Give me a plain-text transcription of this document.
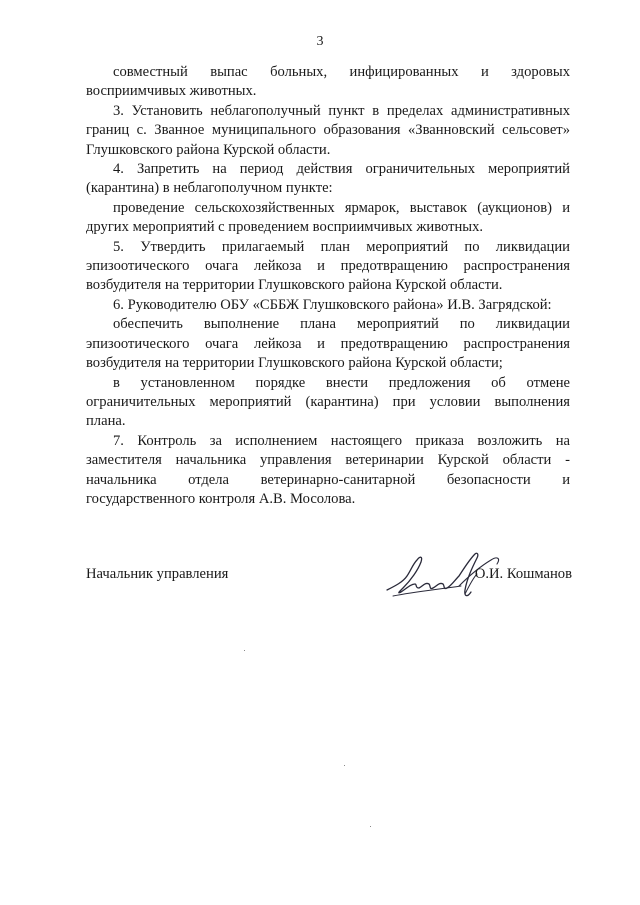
3

совместный выпас больных, инфицированных и здоровых
восприимчивых животных.

3. Установить неблагополучный пункт в пределах административных
границ с. Званное муниципального образования «Званновский сельсовет»
Глушковского района Курской области.

4. Запретить на период действия ограничительных мероприятий
(карантина) в неблагополучном пункте:

проведение сельскохозяйственных ярмарок, выставок (аукционов) и
других мероприятий с проведением восприимчивых животных.

5. Утвердить прилагаемый план мероприятий по ликвидации
эпизоотического очага лейкоза и предотвращению распространения
возбудителя на территории Глушковского района Курской области.

6. Руководителю ОБУ «СББЖ Глушковского района» И.В. Загрядской:

обеспечить выполнение плана мероприятий по ликвидации
эпизоотического очага лейкоза и предотвращению распространения
возбудителя на территории Глушковского района Курской области;

в установленном порядке внести предложения об отмене
ограничительных мероприятий (карантина) при условии выполнения
плана.

7. Контроль за исполнением настоящего приказа возложить на
заместителя начальника управления ветеринарии Курской области -
начальника отдела ветеринарно-санитарной безопасности и
государственного контроля А.В. Мосолова.

Начальник управления	О.И. Кошманов
